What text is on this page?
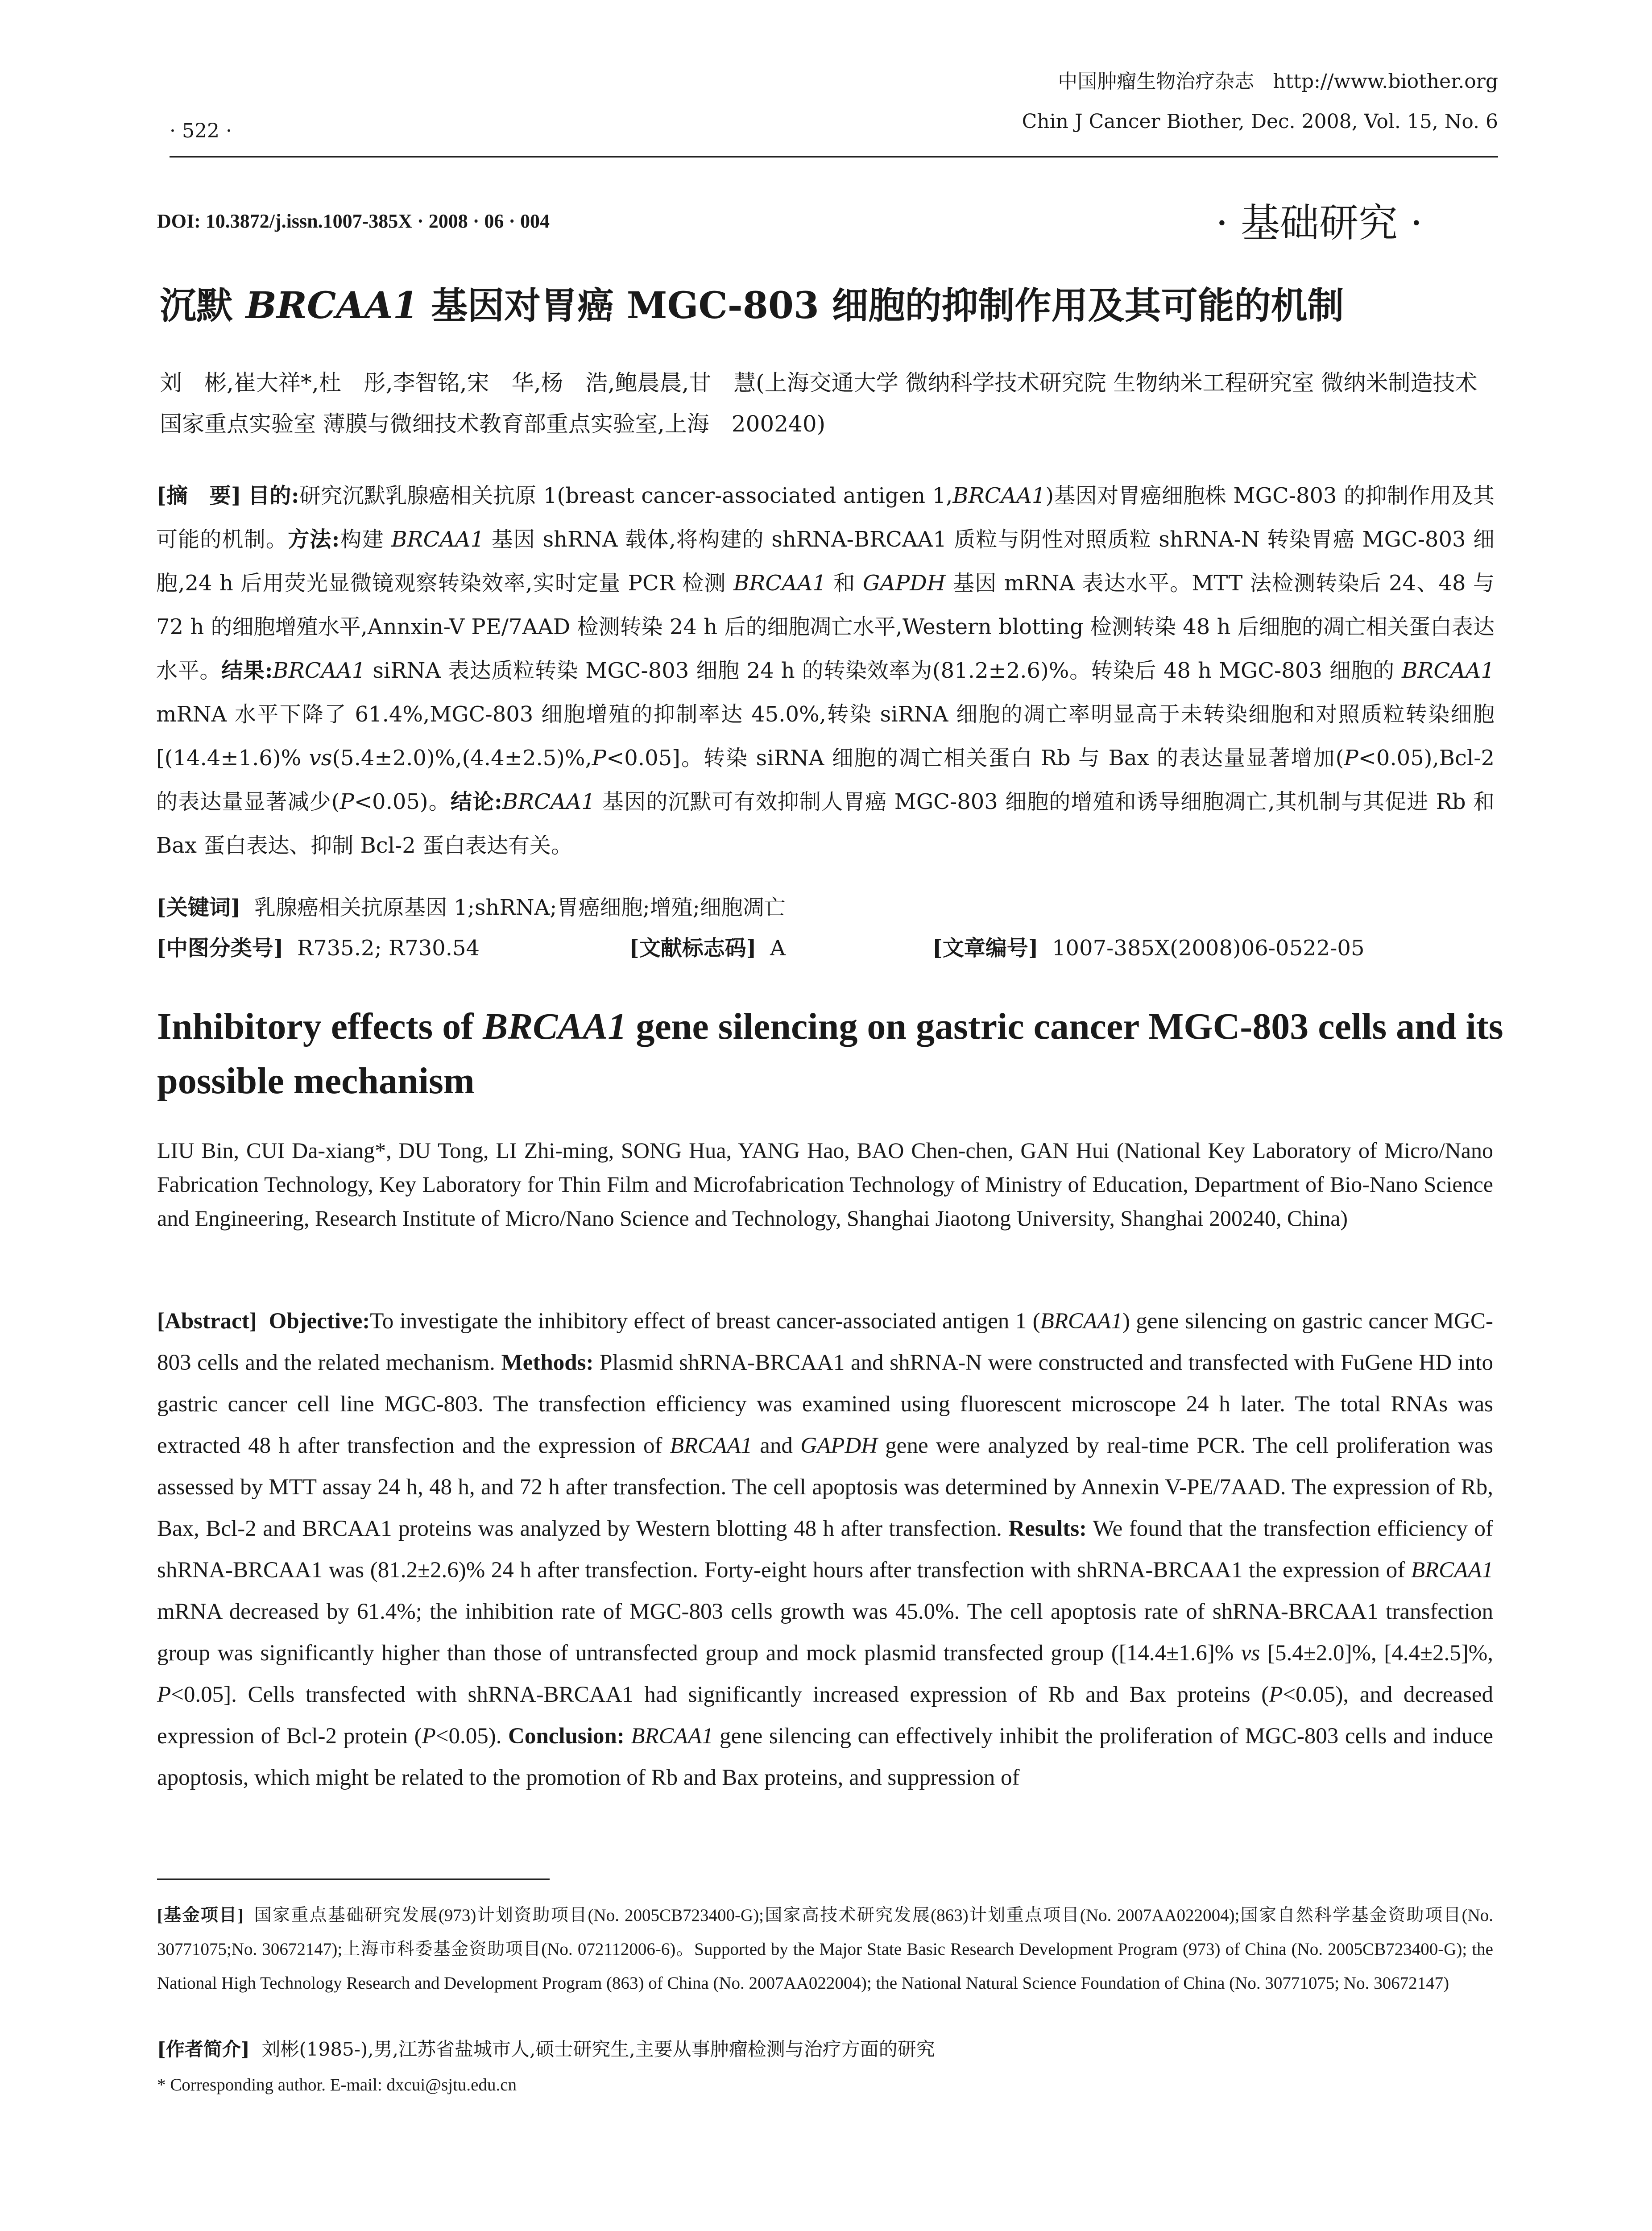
中国肿瘤生物治疗杂志 http://www.biother.org
Chin J Cancer Biother, Dec. 2008, Vol. 15, No. 6
· 522 ·
DOI: 10.3872/j.issn.1007-385X · 2008 · 06 · 004	· 基础研究 ·
沉默 BRCAA1 基因对胃癌 MGC-803 细胞的抑制作用及其可能的机制
刘　彬,崔大祥*,杜　彤,李智铭,宋　华,杨　浩,鲍晨晨,甘　慧(上海交通大学 微纳科学技术研究院 生物纳米工程研究室 微纳米制造技术国家重点实验室 薄膜与微细技术教育部重点实验室,上海　200240)
[摘　要] 目的:研究沉默乳腺癌相关抗原 1(breast cancer-associated antigen 1,BRCAA1)基因对胃癌细胞株 MGC-803 的抑制作用及其可能的机制。方法:构建 BRCAA1 基因 shRNA 载体,将构建的 shRNA-BRCAA1 质粒与阴性对照质粒 shRNA-N 转染胃癌 MGC-803 细胞,24 h 后用荧光显微镜观察转染效率,实时定量 PCR 检测 BRCAA1 和 GAPDH 基因 mRNA 表达水平。MTT 法检测转染后 24、48 与 72 h 的细胞增殖水平,Annxin-V PE/7AAD 检测转染 24 h 后的细胞凋亡水平,Western blotting 检测转染 48 h 后细胞的凋亡相关蛋白表达水平。结果:BRCAA1 siRNA 表达质粒转染 MGC-803 细胞 24 h 的转染效率为(81.2±2.6)%。转染后 48 h MGC-803 细胞的 BRCAA1 mRNA 水平下降了 61.4%,MGC-803 细胞增殖的抑制率达 45.0%,转染 siRNA 细胞的凋亡率明显高于未转染细胞和对照质粒转染细胞[(14.4±1.6)% vs(5.4±2.0)%,(4.4±2.5)%,P<0.05]。转染 siRNA 细胞的凋亡相关蛋白 Rb 与 Bax 的表达量显著增加(P<0.05),Bcl-2 的表达量显著减少(P<0.05)。结论:BRCAA1 基因的沉默可有效抑制人胃癌 MGC-803 细胞的增殖和诱导细胞凋亡,其机制与其促进 Rb 和 Bax 蛋白表达、抑制 Bcl-2 蛋白表达有关。
[关键词] 乳腺癌相关抗原基因 1;shRNA;胃癌细胞;增殖;细胞凋亡
[中图分类号] R735.2; R730.54	[文献标志码] A	[文章编号] 1007-385X(2008)06-0522-05
Inhibitory effects of BRCAA1 gene silencing on gastric cancer MGC-803 cells and its possible mechanism
LIU Bin, CUI Da-xiang*, DU Tong, LI Zhi-ming, SONG Hua, YANG Hao, BAO Chen-chen, GAN Hui (National Key Laboratory of Micro/Nano Fabrication Technology, Key Laboratory for Thin Film and Microfabrication Technology of Ministry of Education, Department of Bio-Nano Science and Engineering, Research Institute of Micro/Nano Science and Technology, Shanghai Jiaotong University, Shanghai 200240, China)
[Abstract] Objective:To investigate the inhibitory effect of breast cancer-associated antigen 1 (BRCAA1) gene silencing on gastric cancer MGC-803 cells and the related mechanism. Methods: Plasmid shRNA-BRCAA1 and shRNA-N were constructed and transfected with FuGene HD into gastric cancer cell line MGC-803. The transfection efficiency was examined using fluorescent microscope 24 h later. The total RNAs was extracted 48 h after transfection and the expression of BRCAA1 and GAPDH gene were analyzed by real-time PCR. The cell proliferation was assessed by MTT assay 24 h, 48 h, and 72 h after transfection. The cell apoptosis was determined by Annexin V-PE/7AAD. The expression of Rb, Bax, Bcl-2 and BRCAA1 proteins was analyzed by Western blotting 48 h after transfection. Results: We found that the transfection efficiency of shRNA-BRCAA1 was (81.2±2.6)% 24 h after transfection. Forty-eight hours after transfection with shRNA-BRCAA1 the expression of BRCAA1 mRNA decreased by 61.4%; the inhibition rate of MGC-803 cells growth was 45.0%. The cell apoptosis rate of shRNA-BRCAA1 transfection group was significantly higher than those of untransfected group and mock plasmid transfected group ([14.4±1.6]% vs [5.4±2.0]%, [4.4±2.5]%, P<0.05]. Cells transfected with shRNA-BRCAA1 had significantly increased expression of Rb and Bax proteins (P<0.05), and decreased expression of Bcl-2 protein (P<0.05). Conclusion: BRCAA1 gene silencing can effectively inhibit the proliferation of MGC-803 cells and induce apoptosis, which might be related to the promotion of Rb and Bax proteins, and suppression of
[基金项目] 国家重点基础研究发展(973)计划资助项目(No. 2005CB723400-G);国家高技术研究发展(863)计划重点项目(No. 2007AA022004);国家自然科学基金资助项目(No. 30771075;No. 30672147);上海市科委基金资助项目(No. 072112006-6)。Supported by the Major State Basic Research Development Program (973) of China (No. 2005CB723400-G); the National High Technology Research and Development Program (863) of China (No. 2007AA022004); the National Natural Science Foundation of China (No. 30771075; No. 30672147)
[作者简介] 刘彬(1985-),男,江苏省盐城市人,硕士研究生,主要从事肿瘤检测与治疗方面的研究
* Corresponding author. E-mail: dxcui@sjtu.edu.cn
